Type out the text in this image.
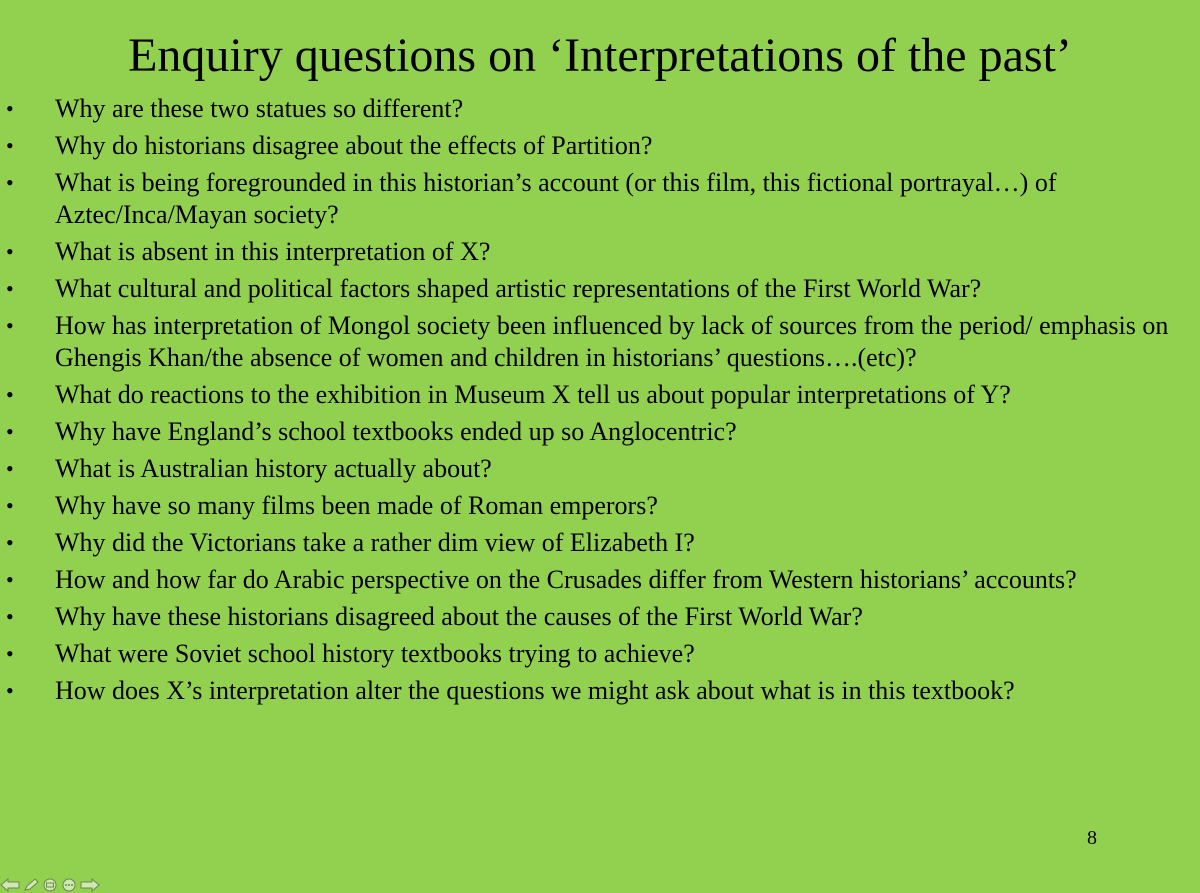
Enquiry questions on ‘Interpretations of the past’
•	Why are these two statues so different?
•	Why do historians disagree about the effects of Partition?
•	What is being foregrounded in this historian’s account (or this film, this fictional portrayal…) of Aztec/Inca/Mayan society?
•	What is absent in this interpretation of X?
•	What cultural and political factors shaped artistic representations of the First World War?
•	How has interpretation of Mongol society been influenced by lack of sources from the period/ emphasis on Ghengis Khan/the absence of women and children in historians’ questions….(etc)?
•	What do reactions to the exhibition in Museum X tell us about popular interpretations of Y?
•	Why have England’s school textbooks ended up so Anglocentric?
•	What is Australian history actually about?
•	Why have so many films been made of Roman emperors?
•	Why did the Victorians take a rather dim view of Elizabeth I?
•	How and how far do Arabic perspective on the Crusades differ from Western historians’ accounts?
•	Why have these historians disagreed about the causes of the First World War?
•	What were Soviet school history textbooks trying to achieve?
•	How does X’s interpretation alter the questions we might ask about what is in this textbook?
8
